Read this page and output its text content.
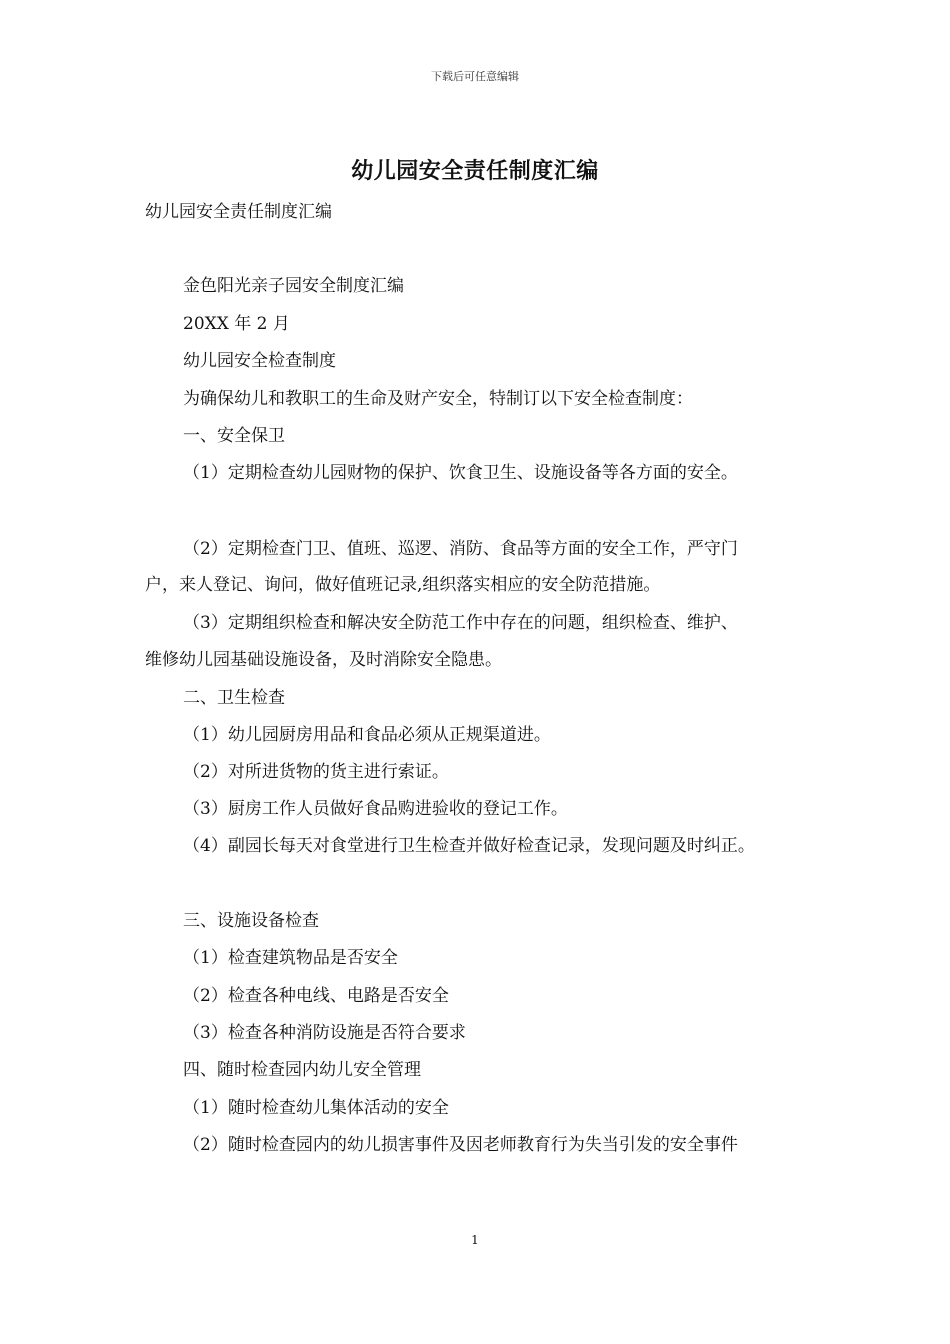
下载后可任意编辑
幼儿园安全责任制度汇编
幼儿园安全责任制度汇编
金色阳光亲子园安全制度汇编
20XX 年 2 月
幼儿园安全检查制度
为确保幼儿和教职工的生命及财产安全，特制订以下安全检查制度：
一、安全保卫
（1）定期检查幼儿园财物的保护、饮食卫生、设施设备等各方面的安全。
（2）定期检查门卫、值班、巡逻、消防、食品等方面的安全工作，严守门
户，来人登记、询问，做好值班记录,组织落实相应的安全防范措施。
（3）定期组织检查和解决安全防范工作中存在的问题，组织检查、维护、
维修幼儿园基础设施设备，及时消除安全隐患。
二、卫生检查
（1）幼儿园厨房用品和食品必须从正规渠道进。
（2）对所进货物的货主进行索证。
（3）厨房工作人员做好食品购进验收的登记工作。
（4）副园长每天对食堂进行卫生检查并做好检查记录，发现问题及时纠正。
三、设施设备检查
（1）检查建筑物品是否安全
（2）检查各种电线、电路是否安全
（3）检查各种消防设施是否符合要求
四、随时检查园内幼儿安全管理
（1）随时检查幼儿集体活动的安全
（2）随时检查园内的幼儿损害事件及因老师教育行为失当引发的安全事件
1
